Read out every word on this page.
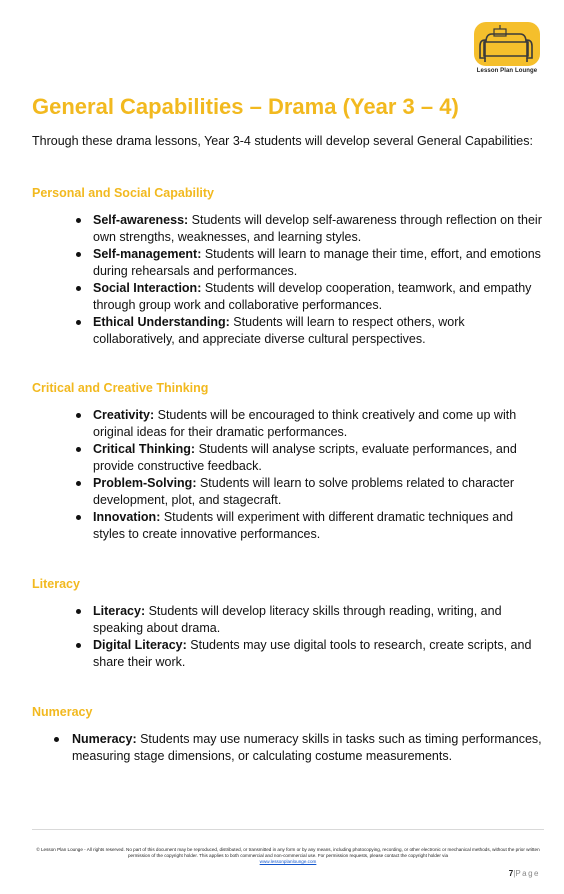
Lesson Plan Lounge
General Capabilities – Drama (Year 3 – 4)
Through these drama lessons, Year 3-4 students will develop several General Capabilities:
Personal and Social Capability
Self-awareness: Students will develop self-awareness through reflection on their own strengths, weaknesses, and learning styles.
Self-management: Students will learn to manage their time, effort, and emotions during rehearsals and performances.
Social Interaction: Students will develop cooperation, teamwork, and empathy through group work and collaborative performances.
Ethical Understanding: Students will learn to respect others, work collaboratively, and appreciate diverse cultural perspectives.
Critical and Creative Thinking
Creativity: Students will be encouraged to think creatively and come up with original ideas for their dramatic performances.
Critical Thinking: Students will analyse scripts, evaluate performances, and provide constructive feedback.
Problem-Solving: Students will learn to solve problems related to character development, plot, and stagecraft.
Innovation: Students will experiment with different dramatic techniques and styles to create innovative performances.
Literacy
Literacy: Students will develop literacy skills through reading, writing, and speaking about drama.
Digital Literacy: Students may use digital tools to research, create scripts, and share their work.
Numeracy
Numeracy: Students may use numeracy skills in tasks such as timing performances, measuring stage dimensions, or calculating costume measurements.
© Lesson Plan Lounge - All rights reserved. No part of this document may be reproduced, distributed, or transmitted in any form or by any means, including photocopying, recording, or other electronic or mechanical methods, without the prior written permission of the copyright holder. This applies to both commercial and non-commercial use. For permission requests, please contact the copyright holder via
www.lessonplanlounge.com
7|Page
